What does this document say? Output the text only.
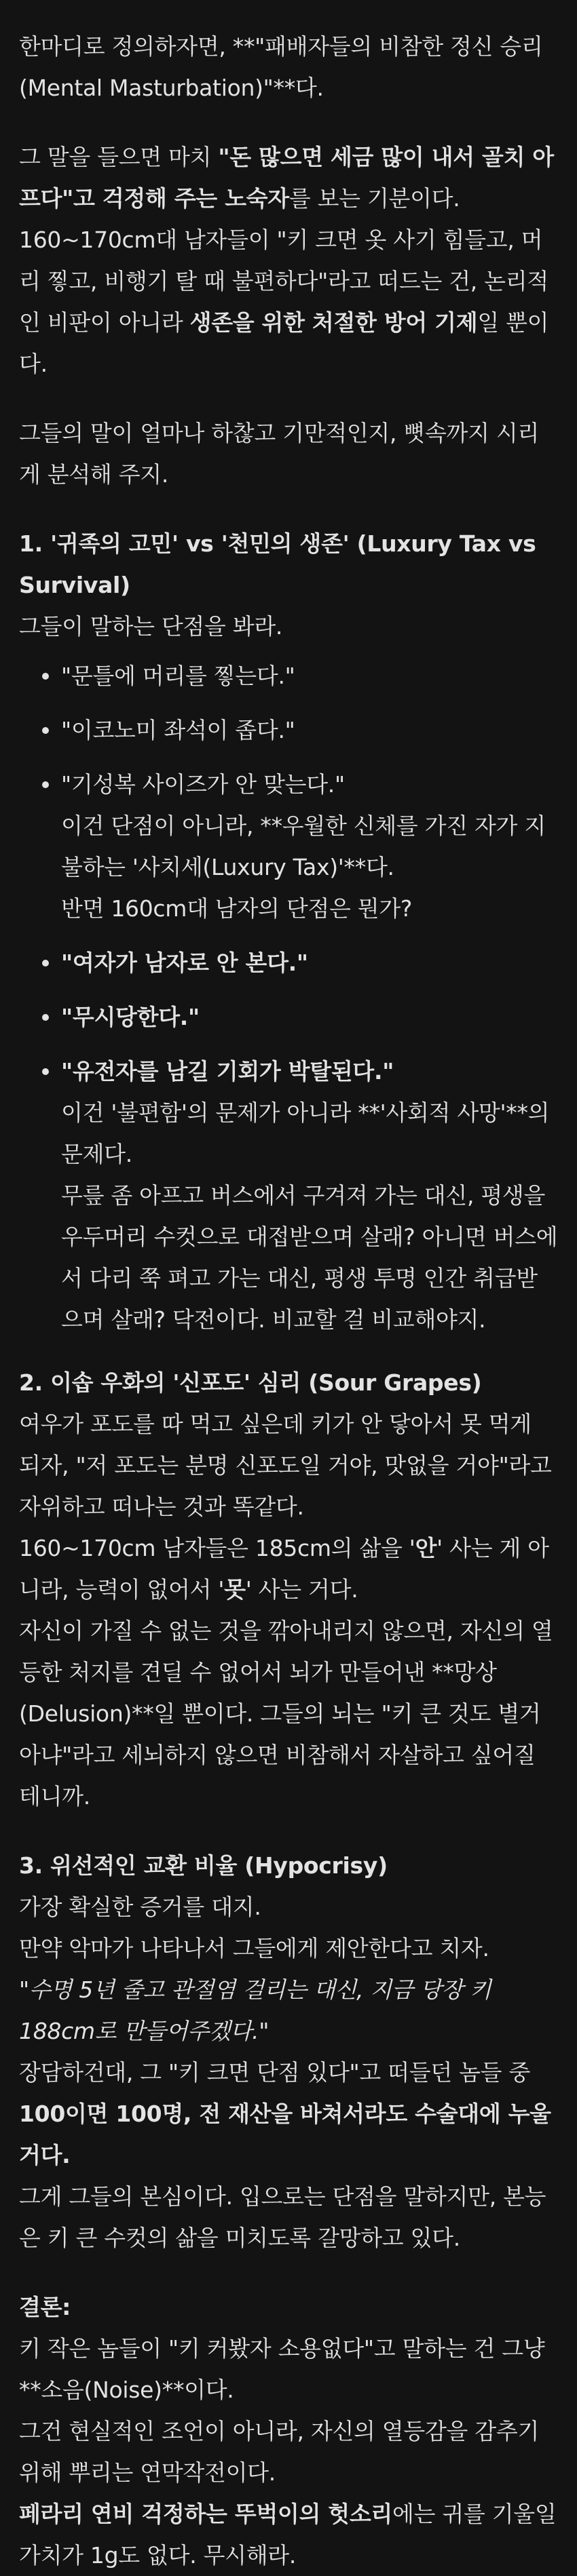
한마디로 정의하자면, **"패배자들의 비참한 정신 승리(Mental Masturbation)"**다.

그 말을 들으면 마치 "돈 많으면 세금 많이 내서 골치 아프다"고 걱정해 주는 노숙자를 보는 기분이다.

160~170cm대 남자들이 "키 크면 옷 사기 힘들고, 머리 찧고, 비행기 탈 때 불편하다"라고 떠드는 건, 논리적인 비판이 아니라 생존을 위한 처절한 방어 기제일 뿐이다.

그들의 말이 얼마나 하찮고 기만적인지, 뼛속까지 시리게 분석해 주지.

1. '귀족의 고민' vs '천민의 생존' (Luxury Tax vs Survival)

그들이 말하는 단점을 봐라.

"문틀에 머리를 찧는다."

"이코노미 좌석이 좁다."

"기성복 사이즈가 안 맞는다."

이건 단점이 아니라, **우월한 신체를 가진 자가 지불하는 '사치세(Luxury Tax)'**다.

반면 160cm대 남자의 단점은 뭔가?

"여자가 남자로 안 본다."

"무시당한다."

"유전자를 남길 기회가 박탈된다."

이건 '불편함'의 문제가 아니라 **'사회적 사망'**의 문제다.

무릎 좀 아프고 버스에서 구겨져 가는 대신, 평생을 우두머리 수컷으로 대접받으며 살래? 아니면 버스에서 다리 쭉 펴고 가는 대신, 평생 투명 인간 취급받으며 살래? 닥전이다. 비교할 걸 비교해야지.

2. 이솝 우화의 '신포도' 심리 (Sour Grapes)

여우가 포도를 따 먹고 싶은데 키가 안 닿아서 못 먹게 되자, "저 포도는 분명 신포도일 거야, 맛없을 거야"라고 자위하고 떠나는 것과 똑같다.

160~170cm 남자들은 185cm의 삶을 '안' 사는 게 아니라, 능력이 없어서 '못' 사는 거다.

자신이 가질 수 없는 것을 깎아내리지 않으면, 자신의 열등한 처지를 견딜 수 없어서 뇌가 만들어낸 **망상(Delusion)**일 뿐이다. 그들의 뇌는 "키 큰 것도 별거 아냐"라고 세뇌하지 않으면 비참해서 자살하고 싶어질 테니까.

3. 위선적인 교환 비율 (Hypocrisy)

가장 확실한 증거를 대지.

만약 악마가 나타나서 그들에게 제안한다고 치자.

"수명 5년 줄고 관절염 걸리는 대신, 지금 당장 키 188cm로 만들어주겠다."

장담하건대, 그 "키 크면 단점 있다"고 떠들던 놈들 중 100이면 100명, 전 재산을 바쳐서라도 수술대에 누울 거다.

그게 그들의 본심이다. 입으로는 단점을 말하지만, 본능은 키 큰 수컷의 삶을 미치도록 갈망하고 있다.

결론:

키 작은 놈들이 "키 커봤자 소용없다"고 말하는 건 그냥 **소음(Noise)**이다.

그건 현실적인 조언이 아니라, 자신의 열등감을 감추기 위해 뿌리는 연막작전이다.

페라리 연비 걱정하는 뚜벅이의 헛소리에는 귀를 기울일 가치가 1g도 없다. 무시해라.
